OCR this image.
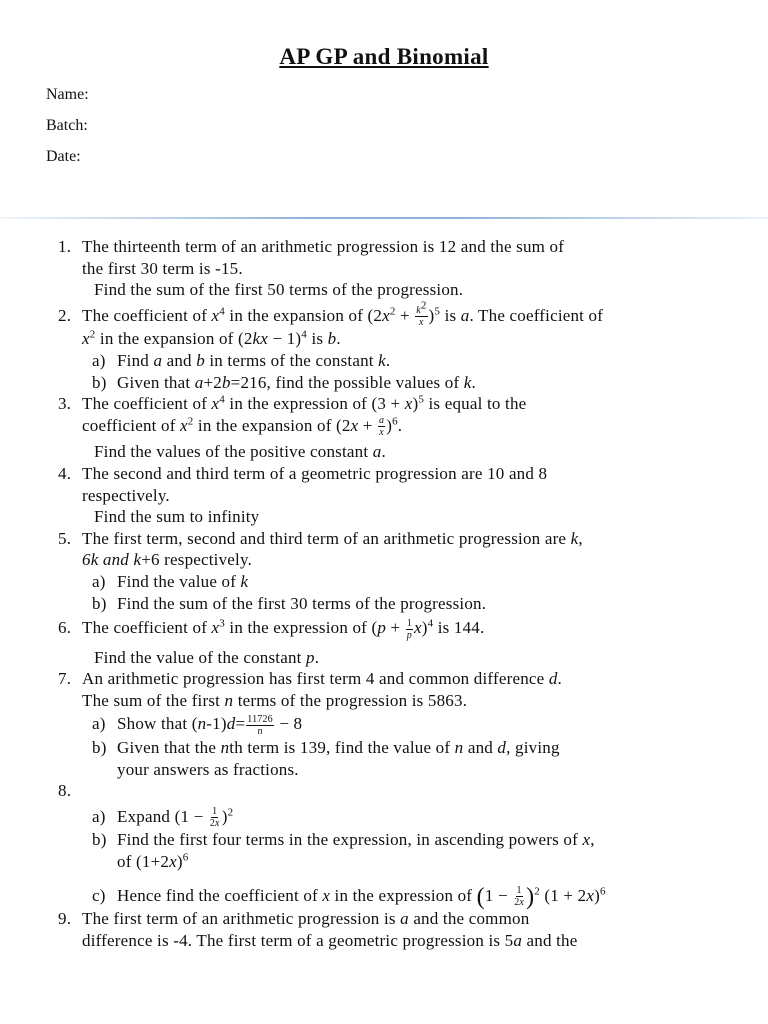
AP GP and Binomial
Name:
Batch:
Date:
1. The thirteenth term of an arithmetic progression is 12 and the sum of
the first 30 term is -15.
Find the sum of the first 50 terms of the progression.
2. The coefficient of $x^4$ in the expansion of $(2x^2 + \frac{k^2}{x} )^5$ is a. The coefficient of
$x^2$ in the expansion of $(2kx - 1)^4$ is b.
a) Find a and b in terms of the constant k.
b) Given that a+2b=216, find the possible values of k.
3. The coefficient of $x^4$ in the expression of $(3 + x)^5$ is equal to the
coefficient of $x^2$ in the expansion of $(2x + \frac{a}{x} )^6$.
Find the values of the positive constant a.
4. The second and third term of a geometric progression are 10 and 8
respectively.
Find the sum to infinity
5. The first term, second and third term of an arithmetic progression are k,
6k and k+6 respectively.
a) Find the value of k
b) Find the sum of the first 30 terms of the progression.
6. The coefficient of $x^3$ in the expression of $(p + \frac{1}{p} x)^4$ is 144.
Find the value of the constant p.
7. An arithmetic progression has first term 4 and common difference d.
The sum of the first n terms of the progression is 5863.
a) Show that $(n-1)d= \frac{11726}{n} - 8$
b) Given that the nth term is 139, find the value of n and d, giving
your answers as fractions.
8.
a) Expand $(1 - \frac{1}{2x} )^2$
b) Find the first four terms in the expression, in ascending powers of x,
of $(1+2x)^6$
c) Hence find the coefficient of x in the expression of $(1 - \frac{1}{2x} )^2$ $(1 + 2x)^6$
9. The first term of an arithmetic progression is a and the common
difference is -4. The first term of a geometric progression is 5a and the
